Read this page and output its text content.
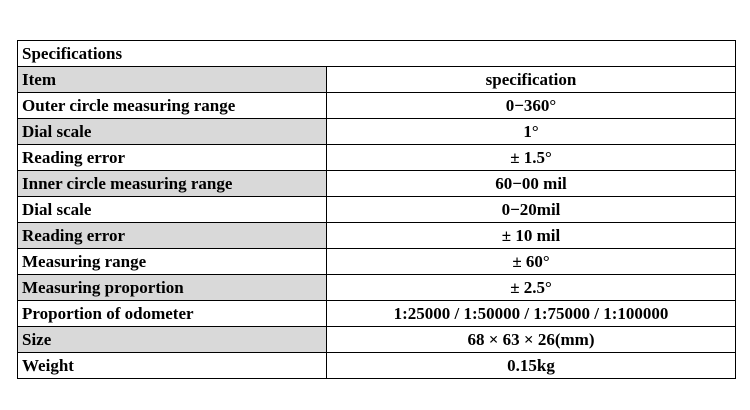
Specifications	
Item	specification
Outer circle measuring range	0−360°
Dial scale	1°
Reading error	± 1.5°
Inner circle measuring range	60−00 mil
Dial scale	0−20mil
Reading error	± 10 mil
Measuring range	± 60°
Measuring proportion	± 2.5°
Proportion of odometer	1:25000 / 1:50000 / 1:75000 / 1:100000
Size	68 × 63 × 26(mm)
Weight	0.15kg
